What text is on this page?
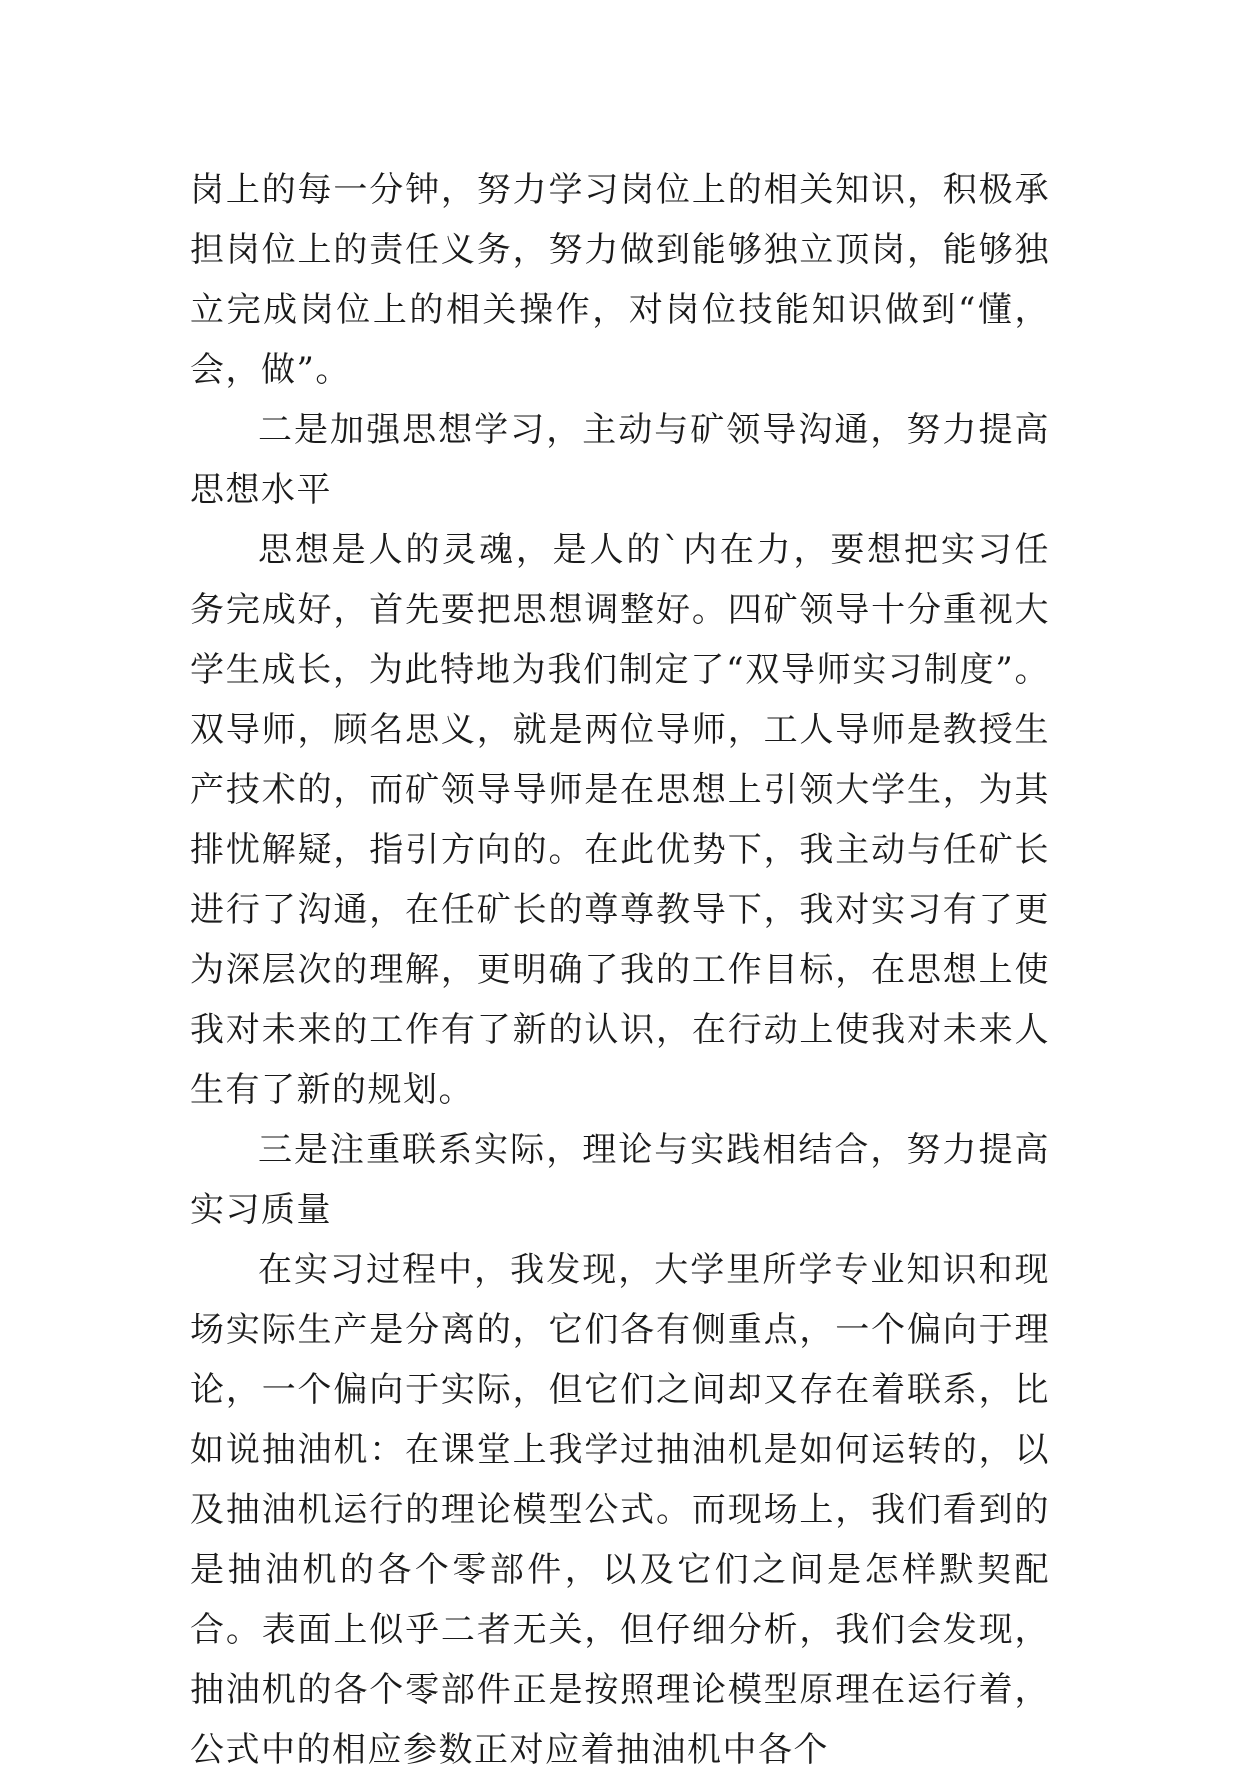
岗上的每一分钟，努力学习岗位上的相关知识，积极承担岗位上的责任义务，努力做到能够独立顶岗，能够独立完成岗位上的相关操作，对岗位技能知识做到“懂，会，做”。

二是加强思想学习，主动与矿领导沟通，努力提高思想水平

思想是人的灵魂，是人的`内在力，要想把实习任务完成好，首先要把思想调整好。四矿领导十分重视大学生成长，为此特地为我们制定了“双导师实习制度”。双导师，顾名思义，就是两位导师，工人导师是教授生产技术的，而矿领导导师是在思想上引领大学生，为其排忧解疑，指引方向的。在此优势下，我主动与任矿长进行了沟通，在任矿长的尊尊教导下，我对实习有了更为深层次的理解，更明确了我的工作目标，在思想上使我对未来的工作有了新的认识，在行动上使我对未来人生有了新的规划。

三是注重联系实际，理论与实践相结合，努力提高实习质量

在实习过程中，我发现，大学里所学专业知识和现场实际生产是分离的，它们各有侧重点，一个偏向于理论，一个偏向于实际，但它们之间却又存在着联系，比如说抽油机：在课堂上我学过抽油机是如何运转的，以及抽油机运行的理论模型公式。而现场上，我们看到的是抽油机的各个零部件，以及它们之间是怎样默契配合。表面上似乎二者无关，但仔细分析，我们会发现，抽油机的各个零部件正是按照理论模型原理在运行着，公式中的相应参数正对应着抽油机中各个
